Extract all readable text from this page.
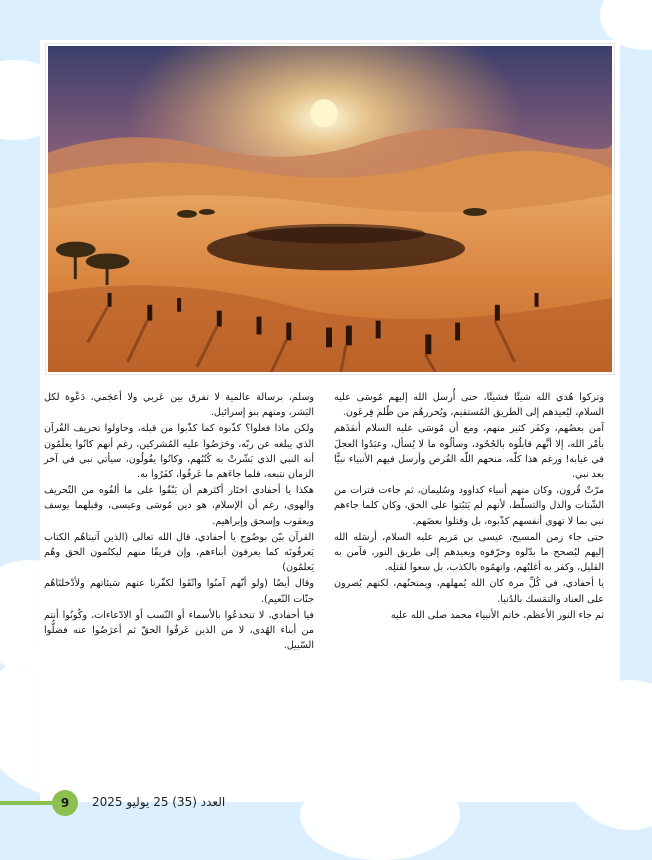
وتركوا هُدي الله شيئًا فشيئًا، حتى أُرسل الله إليهم مُوسَى عليه السلام، ليُعيدهم إلى الطريق المُستقيم، ويُحررهُم من ظُلم فِرعَون.

آمن بعضُهم، وكفَر كثير منهم، ومع أن مُوسَى عليه السلام أنقذَهم بأمْر الله، إلا أنَّهم قابلُوه بالجُحُود، وسألُوه ما لا يُسأل، وعبَدُوا العجلَ في غيابه! ورغم هذا كلّه، منحهم اللّه الفُرص وأرسل فيهم الأنبياء نبيًّا بعد نبي.

مرّتْ قُرون، وكان منهم أنبياء كداوود وسُليمان، ثم جاءت فترات من الشّتات والذل والتسلّط، لأنهم لم يَثبُتوا على الحق، وكان كلما جاءهم نبي بما لا تهوى أنفسهم كذّبوه، بل وقتلوا بعضَهم.

حتى جاء زمن المسيح، عيسى بن مَريم عليه السلام، أرسَله الله إليهم ليُصحح ما بدّلوه وحرّفوه ويعيدهم إلى طريق النور، فآمن به القليل، وكفر به أغلبُهم، واتهمُوه بالكذب، بل سعوا لقتلِه.

يا أحفادي، في كُلِّ مرة كان الله يُمهلهم، ويمتحنُهم، لكنهم يُصرون على العناد والتمَسك بالدُنيا.

ثم جاء النور الأعظم، خاتم الأنبياء محمد صلى الله عليه

وسلم، برسالة عالمية لا تفرق بين عَربي ولا أعجَمي، دَعْوة لكل البَشر، ومنهم بنو إسرائيل.

ولكن ماذا فعلوا؟ كذّبوه كما كذّبوا من قبله، وحاولوا تحريف القُرآن الذي يبلغه عن ربّه، وحَرَضُوا عليه المُشركين، رغم أنهم كانُوا يعلَمُون أنه النبي الذي بَشّرتْ به كُتُبُهم، وكانُوا يقُولُون، سيأتي نبي في آخر الزمان نتبعه، فلما جاءَهم ما عَرفُوا، كفَرُوا به.

هكذا يا أحفادي اختَار أكثرهم أن يَبْقُوا على ما ألفُوه من التّحريف والهوى، رغم أن الإسلام، هو دين مُوسَى وعيسى، وقبلهما يوسف ويعقوب وإسحق وإبراهيم.

القرآن بيّن بوضُوح يا أحفادي، قال الله تعالى (الذين آتيناهُم الكتاب يَعرفُونَه كما يعرفون أبناءهم، وإن فريقًا منهم ليكتُمون الحق وهُم يَعلمُون)

وقال أيضًا (ولو أنّهم آمنُوا واتّقَوا لكفّرنا عنهم سَيئاتهم ولأدْخلنَاهُم جنّات النّعيم).

فيا أحفادي، لا تنخدعُوا بالأسماء أو النّسب أو الادّعاءات، وكُونُوا أنتم من أبناء الهُدى، لا من الذين عَرفُوا الحقّ ثم أعرَضُوا عنه فضلُّوا السّبيل.

9	العدد (35) 25 يوليو 2025
